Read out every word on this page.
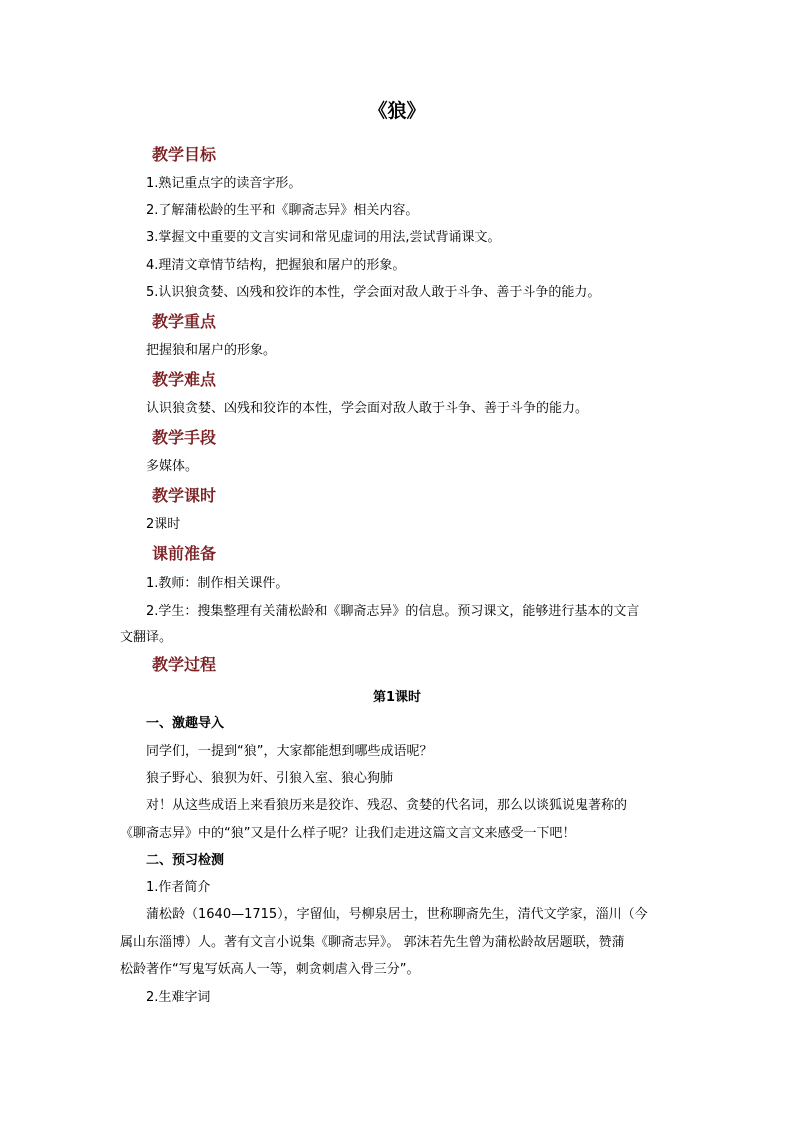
《狼》
教学目标
1.熟记重点字的读音字形。
2.了解蒲松龄的生平和《聊斋志异》相关内容。
3.掌握文中重要的文言实词和常见虚词的用法,尝试背诵课文。
4.理清文章情节结构，把握狼和屠户的形象。
5.认识狼贪婪、凶残和狡诈的本性，学会面对敌人敢于斗争、善于斗争的能力。
教学重点
把握狼和屠户的形象。
教学难点
认识狼贪婪、凶残和狡诈的本性，学会面对敌人敢于斗争、善于斗争的能力。
教学手段
多媒体。
教学课时
2课时
课前准备
1.教师：制作相关课件。
2.学生：搜集整理有关蒲松龄和《聊斋志异》的信息。预习课文，能够进行基本的文言
文翻译。
教学过程
第1课时
一、激趣导入
同学们，一提到“狼”，大家都能想到哪些成语呢？
狼子野心、狼狈为奸、引狼入室、狼心狗肺
对！从这些成语上来看狼历来是狡诈、残忍、贪婪的代名词，那么以谈狐说鬼著称的
《聊斋志异》中的“狼”又是什么样子呢？让我们走进这篇文言文来感受一下吧！
二、预习检测
1.作者简介
蒲松龄（1640—1715），字留仙，号柳泉居士，世称聊斋先生，清代文学家，淄川（今
属山东淄博）人。著有文言小说集《聊斋志异》。 郭沫若先生曾为蒲松龄故居题联，赞蒲
松龄著作“写鬼写妖高人一等，刺贪刺虐入骨三分”。
2.生难字词
